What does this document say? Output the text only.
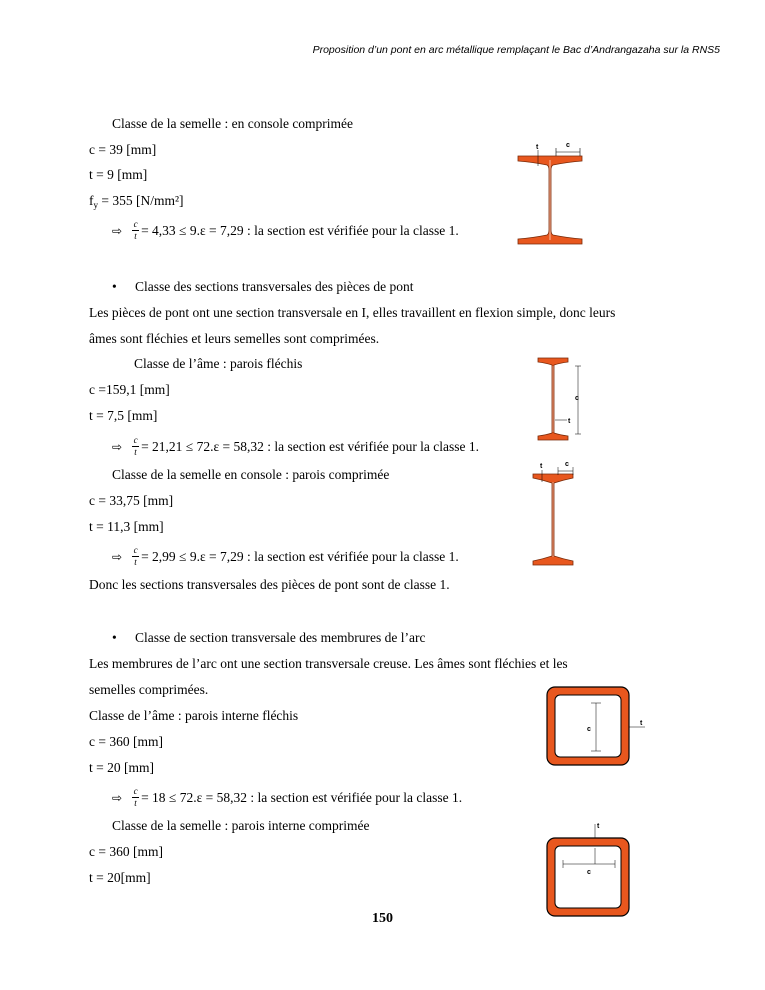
Proposition d’un pont en arc métallique remplaçant le Bac d’Andrangazaha sur la RNS5
Classe de la semelle : en console comprimée
c = 39 [mm]
t = 9 [mm]
$f_y = 355$ [N/mm²]
⇨ $\frac{c}{t} = 4,33 \le 9.\varepsilon = 7,29$ : la section est vérifiée pour la classe 1.
• Classe des sections transversales des pièces de pont
Les pièces de pont ont une section transversale en I, elles travaillent en flexion simple, donc leurs
âmes sont fléchies et leurs semelles sont comprimées.
Classe de l’âme : parois fléchis
c =159,1 [mm]
t = 7,5 [mm]
⇨ $\frac{c}{t} = 21,21 \le 72.\varepsilon = 58,32$ : la section est vérifiée pour la classe 1.
Classe de la semelle en console : parois comprimée
c = 33,75 [mm]
t = 11,3 [mm]
⇨ $\frac{c}{t} = 2,99 \le 9.\varepsilon = 7,29$ : la section est vérifiée pour la classe 1.
Donc les sections transversales des pièces de pont sont de classe 1.
• Classe de section transversale des membrures de l’arc
Les membrures de l’arc ont une section transversale creuse. Les âmes sont fléchies et les
semelles comprimées.
Classe de l’âme : parois interne fléchis
c = 360 [mm]
t = 20 [mm]
⇨ $\frac{c}{t} = 18 \le 72.\varepsilon = 58,32$ : la section est vérifiée pour la classe 1.
Classe de la semelle : parois interne comprimée
c = 360 [mm]
t = 20[mm]
150
c
t
c
t
c
t
c
t
t
c
